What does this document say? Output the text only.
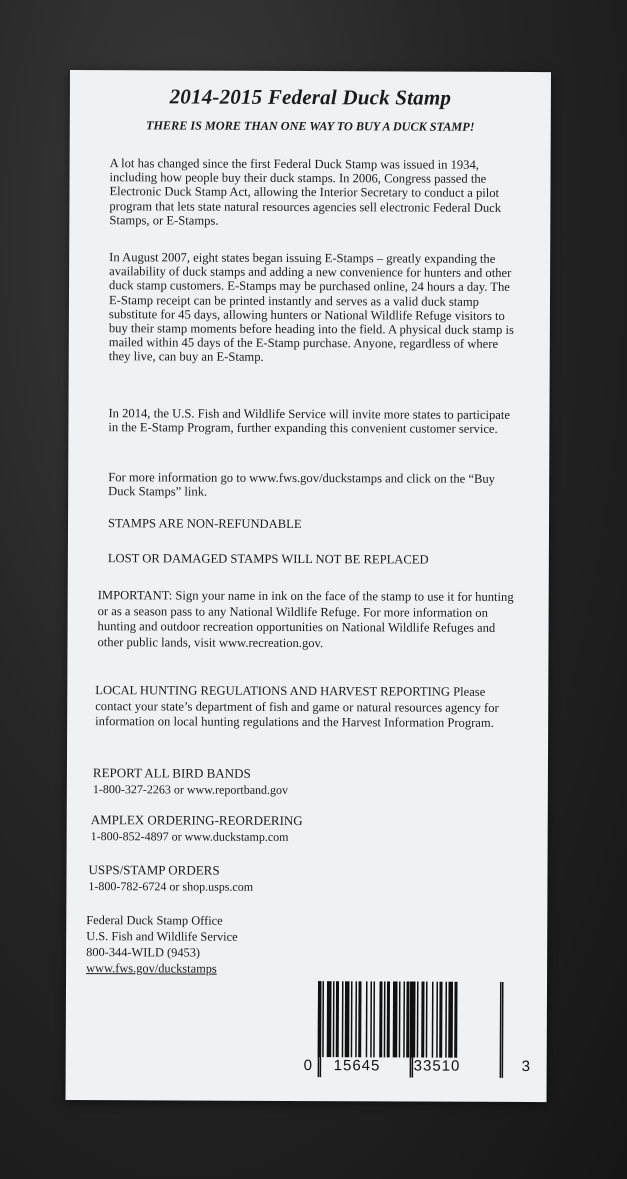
2014-2015 Federal Duck Stamp
THERE IS MORE THAN ONE WAY TO BUY A DUCK STAMP!
A lot has changed since the first Federal Duck Stamp was issued in 1934, including how people buy their duck stamps. In 2006, Congress passed the Electronic Duck Stamp Act, allowing the Interior Secretary to conduct a pilot program that lets state natural resources agencies sell electronic Federal Duck Stamps, or E-Stamps.
In August 2007, eight states began issuing E-Stamps – greatly expanding the availability of duck stamps and adding a new convenience for hunters and other duck stamp customers. E-Stamps may be purchased online, 24 hours a day. The E-Stamp receipt can be printed instantly and serves as a valid duck stamp substitute for 45 days, allowing hunters or National Wildlife Refuge visitors to buy their stamp moments before heading into the field. A physical duck stamp is mailed within 45 days of the E-Stamp purchase. Anyone, regardless of where they live, can buy an E-Stamp.
In 2014, the U.S. Fish and Wildlife Service will invite more states to participate in the E-Stamp Program, further expanding this convenient customer service.
For more information go to www.fws.gov/duckstamps and click on the “Buy Duck Stamps” link.
STAMPS ARE NON-REFUNDABLE
LOST OR DAMAGED STAMPS WILL NOT BE REPLACED
IMPORTANT: Sign your name in ink on the face of the stamp to use it for hunting or as a season pass to any National Wildlife Refuge. For more information on hunting and outdoor recreation opportunities on National Wildlife Refuges and other public lands, visit www.recreation.gov.
LOCAL HUNTING REGULATIONS AND HARVEST REPORTING Please contact your state’s department of fish and game or natural resources agency for information on local hunting regulations and the Harvest Information Program.
REPORT ALL BIRD BANDS
1-800-327-2263 or www.reportband.gov
AMPLEX ORDERING-REORDERING
1-800-852-4897 or www.duckstamp.com
USPS/STAMP ORDERS
1-800-782-6724 or shop.usps.com
Federal Duck Stamp Office
U.S. Fish and Wildlife Service
800-344-WILD (9453)
www.fws.gov/duckstamps
0 15645 33510	3
